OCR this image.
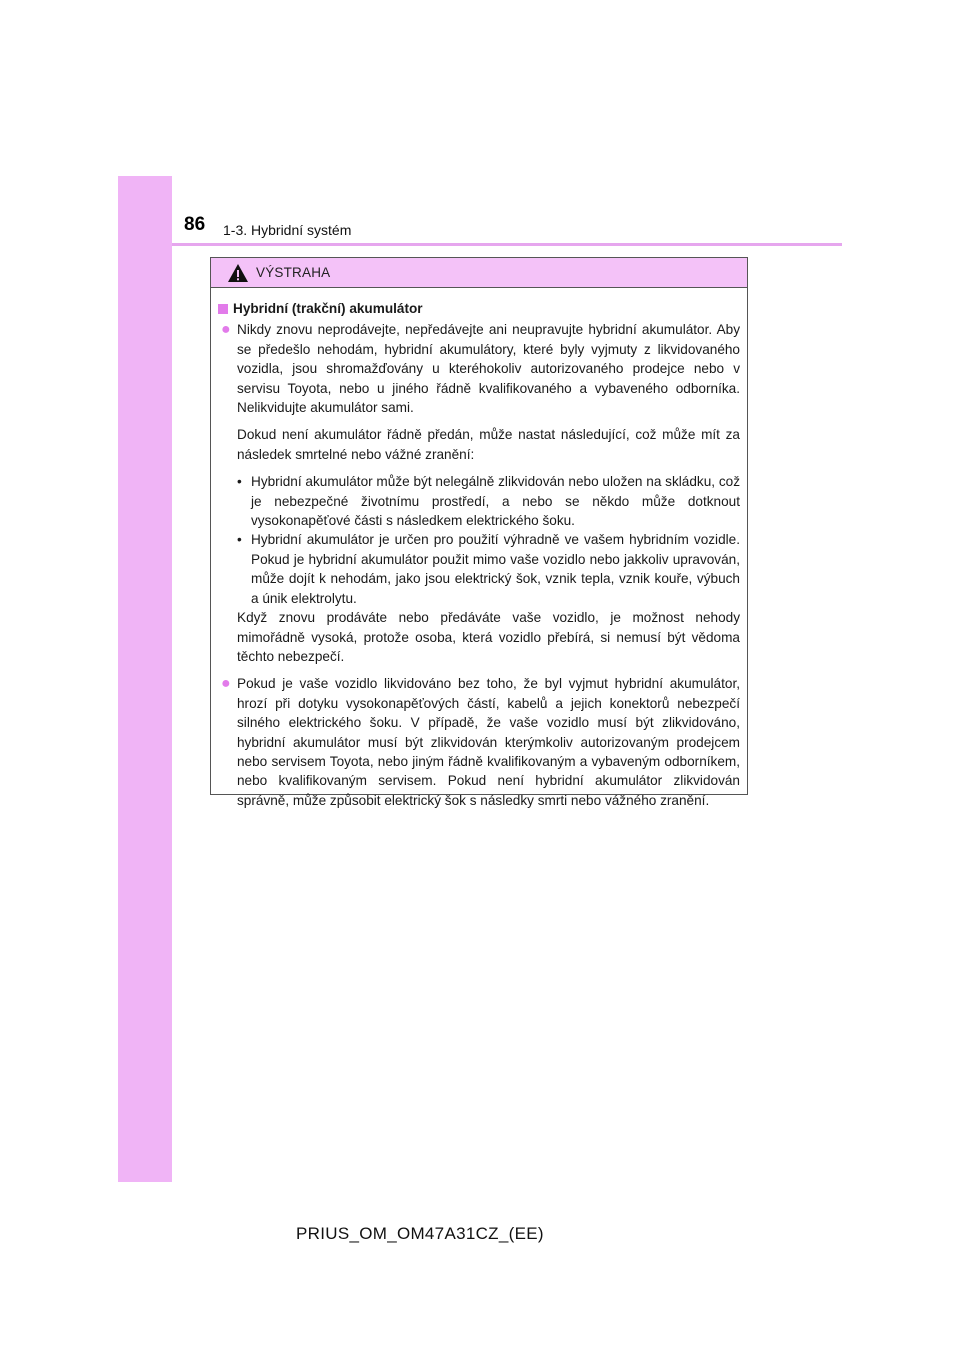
86 1-3. Hybridní systém
VÝSTRAHA
Hybridní (trakční) akumulátor
● Nikdy znovu neprodávejte, nepředávejte ani neupravujte hybridní akumulátor. Aby se předešlo nehodám, hybridní akumulátory, které byly vyjmuty z likvidovaného vozidla, jsou shromažďovány u kteréhokoliv autorizovaného prodejce nebo v servisu Toyota, nebo u jiného řádně kvalifikovaného a vybaveného odborníka. Nelikvidujte akumulátor sami.

Dokud není akumulátor řádně předán, může nastat následující, což může mít za následek smrtelné nebo vážné zranění:

• Hybridní akumulátor může být nelegálně zlikvidován nebo uložen na skládku, což je nebezpečné životnímu prostředí, a nebo se někdo může dotknout vysokonapěťové části s následkem elektrického šoku.
• Hybridní akumulátor je určen pro použití výhradně ve vašem hybridním vozidle. Pokud je hybridní akumulátor použit mimo vaše vozidlo nebo jakkoliv upravován, může dojít k nehodám, jako jsou elektrický šok, vznik tepla, vznik kouře, výbuch a únik elektrolytu.

Když znovu prodáváte nebo předáváte vaše vozidlo, je možnost nehody mimořádně vysoká, protože osoba, která vozidlo přebírá, si nemusí být vědoma těchto nebezpečí.

● Pokud je vaše vozidlo likvidováno bez toho, že byl vyjmut hybridní akumulátor, hrozí při dotyku vysokonapěťových částí, kabelů a jejich konektorů nebezpečí silného elektrického šoku. V případě, že vaše vozidlo musí být zlikvidováno, hybridní akumulátor musí být zlikvidován kterýmkoliv autorizovaným prodejcem nebo servisem Toyota, nebo jiným řádně kvalifikovaným a vybaveným odborníkem, nebo kvalifikovaným servisem. Pokud není hybridní akumulátor zlikvidován správně, může způsobit elektrický šok s následky smrti nebo vážného zranění.
PRIUS_OM_OM47A31CZ_(EE)
